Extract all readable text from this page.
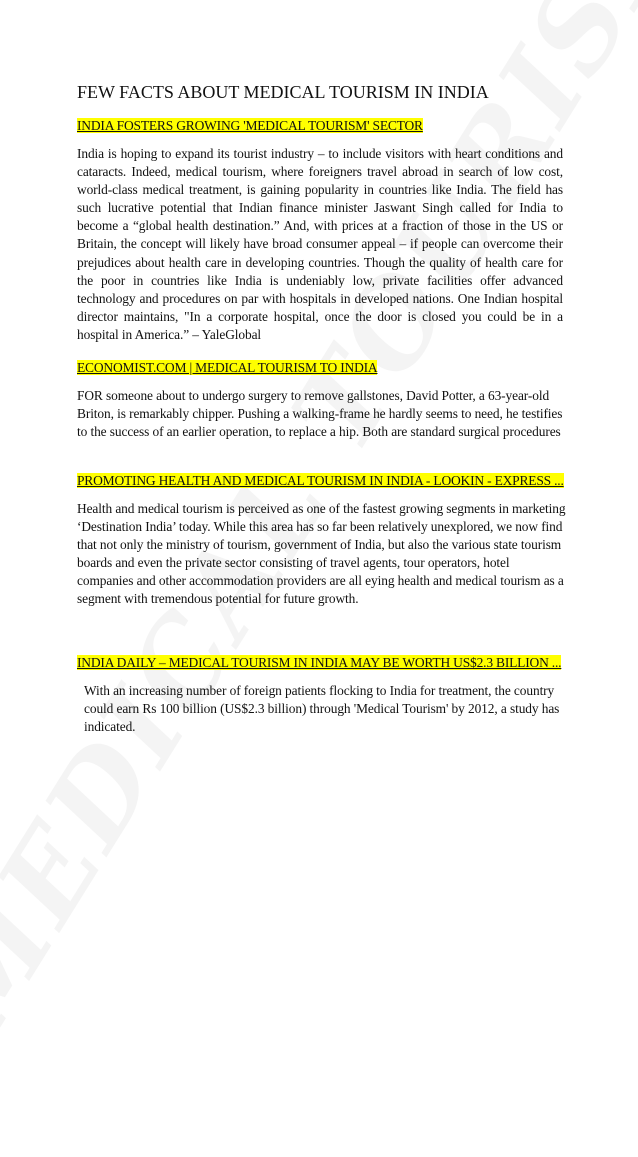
FEW FACTS ABOUT MEDICAL TOURISM IN INDIA

INDIA FOSTERS GROWING 'MEDICAL TOURISM' SECTOR

India is hoping to expand its tourist industry – to include visitors with heart conditions and cataracts. Indeed, medical tourism, where foreigners travel abroad in search of low cost, world-class medical treatment, is gaining popularity in countries like India. The field has such lucrative potential that Indian finance minister Jaswant Singh called for India to become a “global health destination.” And, with prices at a fraction of those in the US or Britain, the concept will likely have broad consumer appeal – if people can overcome their prejudices about health care in developing countries. Though the quality of health care for the poor in countries like India is undeniably low, private facilities offer advanced technology and procedures on par with hospitals in developed nations. One Indian hospital director maintains, "In a corporate hospital, once the door is closed you could be in a hospital in America.” – YaleGlobal

ECONOMIST.COM | MEDICAL TOURISM TO INDIA

FOR someone about to undergo surgery to remove gallstones, David Potter, a 63-year-old Briton, is remarkably chipper. Pushing a walking-frame he hardly seems to need, he testifies to the success of an earlier operation, to replace a hip. Both are standard surgical procedures

PROMOTING HEALTH AND MEDICAL TOURISM IN INDIA - LOOKIN - EXPRESS ...

Health and medical tourism is perceived as one of the fastest growing segments in marketing ‘Destination India’ today. While this area has so far been relatively unexplored, we now find that not only the ministry of tourism, government of India, but also the various state tourism boards and even the private sector consisting of travel agents, tour operators, hotel companies and other accommodation providers are all eying health and medical tourism as a segment with tremendous potential for future growth.

INDIA DAILY – MEDICAL TOURISM IN INDIA MAY BE WORTH US$2.3 BILLION ...

With an increasing number of foreign patients flocking to India for treatment, the country could earn Rs 100 billion (US$2.3 billion) through 'Medical Tourism' by 2012, a study has indicated.
